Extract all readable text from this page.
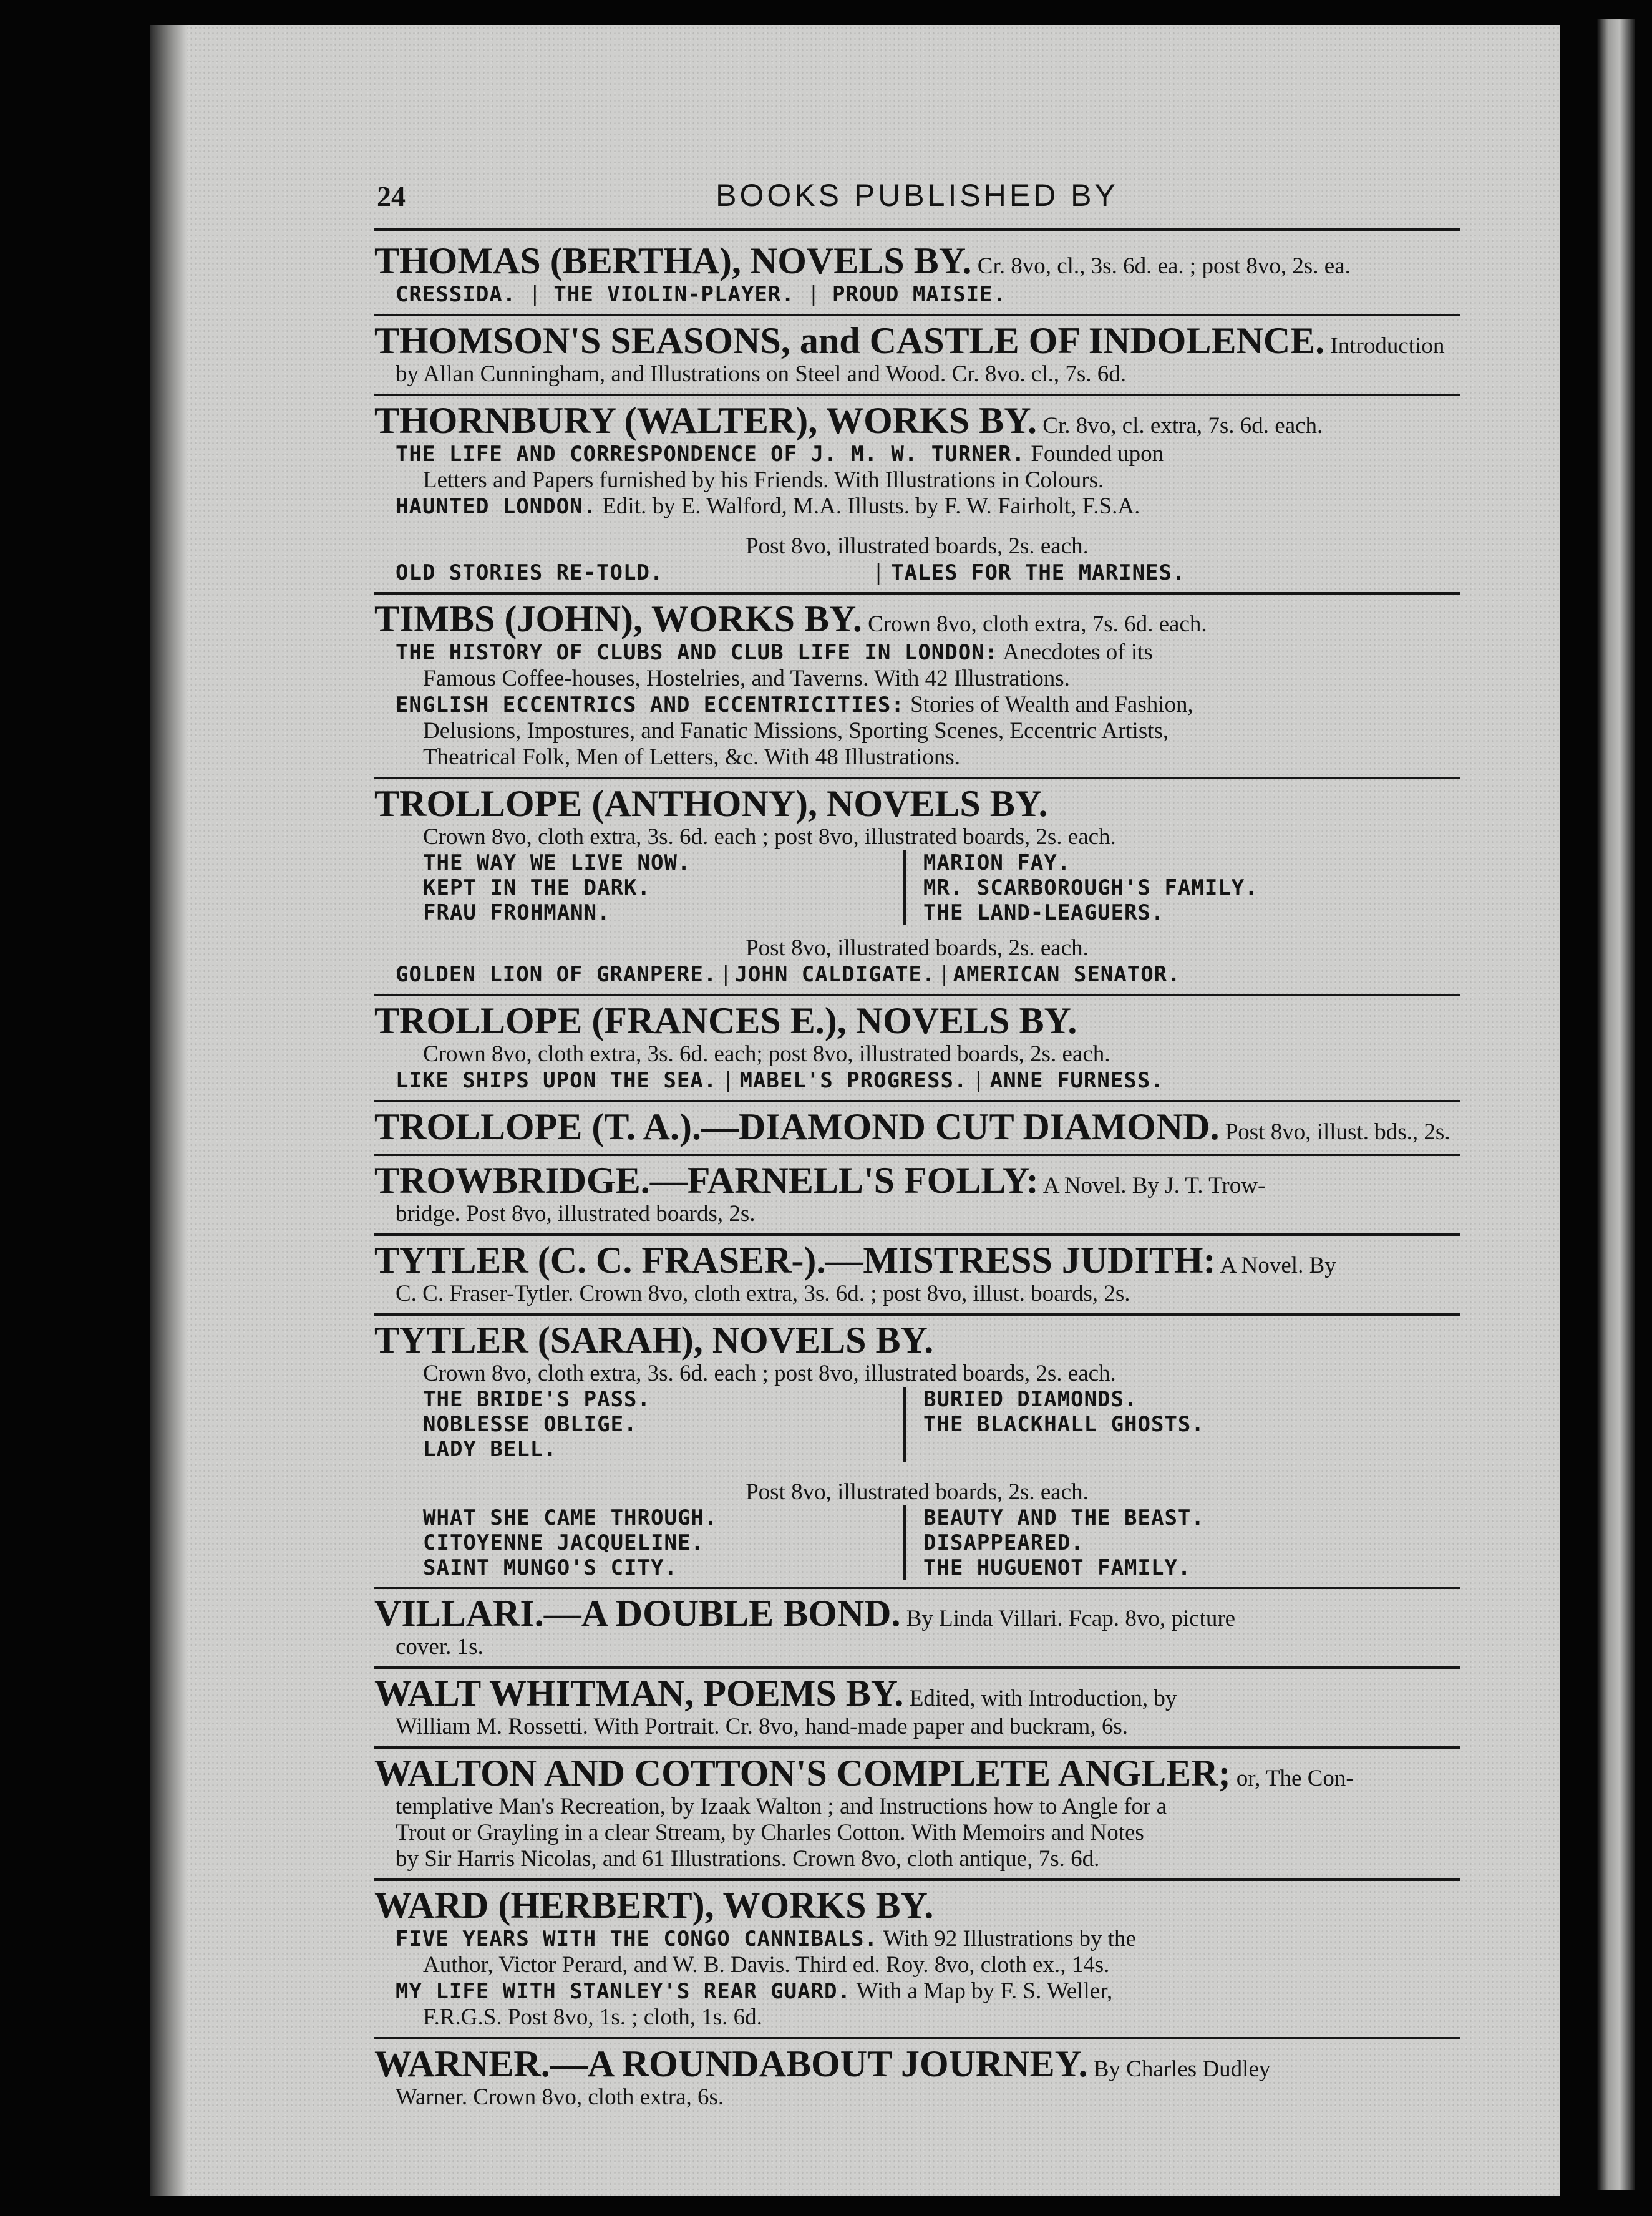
24	BOOKS PUBLISHED BY
THOMAS (BERTHA), NOVELS BY. Cr. 8vo, cl., 3s. 6d. ea. ; post 8vo, 2s. ea.
CRESSIDA. | THE VIOLIN-PLAYER. | PROUD MAISIE.
THOMSON'S SEASONS, and CASTLE OF INDOLENCE. Introduction
by Allan Cunningham, and Illustrations on Steel and Wood. Cr. 8vo. cl., 7s. 6d.
THORNBURY (WALTER), WORKS BY. Cr. 8vo, cl. extra, 7s. 6d. each.
THE LIFE AND CORRESPONDENCE OF J. M. W. TURNER. Founded upon
Letters and Papers furnished by his Friends. With Illustrations in Colours.
HAUNTED LONDON. Edit. by E. Walford, M.A. Illusts. by F. W. Fairholt, F.S.A.
Post 8vo, illustrated boards, 2s. each.
OLD STORIES RE-TOLD.	| TALES FOR THE MARINES.
TIMBS (JOHN), WORKS BY. Crown 8vo, cloth extra, 7s. 6d. each.
THE HISTORY OF CLUBS AND CLUB LIFE IN LONDON: Anecdotes of its
Famous Coffee-houses, Hostelries, and Taverns. With 42 Illustrations.
ENGLISH ECCENTRICS AND ECCENTRICITIES: Stories of Wealth and Fashion,
Delusions, Impostures, and Fanatic Missions, Sporting Scenes, Eccentric Artists,
Theatrical Folk, Men of Letters, &c. With 48 Illustrations.
TROLLOPE (ANTHONY), NOVELS BY.
Crown 8vo, cloth extra, 3s. 6d. each ; post 8vo, illustrated boards, 2s. each.
THE WAY WE LIVE NOW.
KEPT IN THE DARK.
FRAU FROHMANN.
MARION FAY.
MR. SCARBOROUGH'S FAMILY.
THE LAND-LEAGUERS.
Post 8vo, illustrated boards, 2s. each.
GOLDEN LION OF GRANPERE. | JOHN CALDIGATE. | AMERICAN SENATOR.
TROLLOPE (FRANCES E.), NOVELS BY.
Crown 8vo, cloth extra, 3s. 6d. each; post 8vo, illustrated boards, 2s. each.
LIKE SHIPS UPON THE SEA. | MABEL'S PROGRESS. | ANNE FURNESS.
TROLLOPE (T. A.).—DIAMOND CUT DIAMOND. Post 8vo, illust. bds., 2s.
TROWBRIDGE.—FARNELL'S FOLLY: A Novel. By J. T. Trow-
bridge. Post 8vo, illustrated boards, 2s.
TYTLER (C. C. FRASER-).—MISTRESS JUDITH: A Novel. By
C. C. Fraser-Tytler. Crown 8vo, cloth extra, 3s. 6d. ; post 8vo, illust. boards, 2s.
TYTLER (SARAH), NOVELS BY.
Crown 8vo, cloth extra, 3s. 6d. each ; post 8vo, illustrated boards, 2s. each.
THE BRIDE'S PASS.
NOBLESSE OBLIGE.
LADY BELL.
BURIED DIAMONDS.
THE BLACKHALL GHOSTS.

Post 8vo, illustrated boards, 2s. each.
WHAT SHE CAME THROUGH.
CITOYENNE JACQUELINE.
SAINT MUNGO'S CITY.
BEAUTY AND THE BEAST.
DISAPPEARED.
THE HUGUENOT FAMILY.
VILLARI.—A DOUBLE BOND. By Linda Villari. Fcap. 8vo, picture
cover. 1s.
WALT WHITMAN, POEMS BY. Edited, with Introduction, by
William M. Rossetti. With Portrait. Cr. 8vo, hand-made paper and buckram, 6s.
WALTON AND COTTON'S COMPLETE ANGLER; or, The Con-
templative Man's Recreation, by Izaak Walton ; and Instructions how to Angle for a
Trout or Grayling in a clear Stream, by Charles Cotton. With Memoirs and Notes
by Sir Harris Nicolas, and 61 Illustrations. Crown 8vo, cloth antique, 7s. 6d.
WARD (HERBERT), WORKS BY.
FIVE YEARS WITH THE CONGO CANNIBALS. With 92 Illustrations by the
Author, Victor Perard, and W. B. Davis. Third ed. Roy. 8vo, cloth ex., 14s.
MY LIFE WITH STANLEY'S REAR GUARD. With a Map by F. S. Weller,
F.R.G.S. Post 8vo, 1s. ; cloth, 1s. 6d.
WARNER.—A ROUNDABOUT JOURNEY. By Charles Dudley
Warner. Crown 8vo, cloth extra, 6s.
